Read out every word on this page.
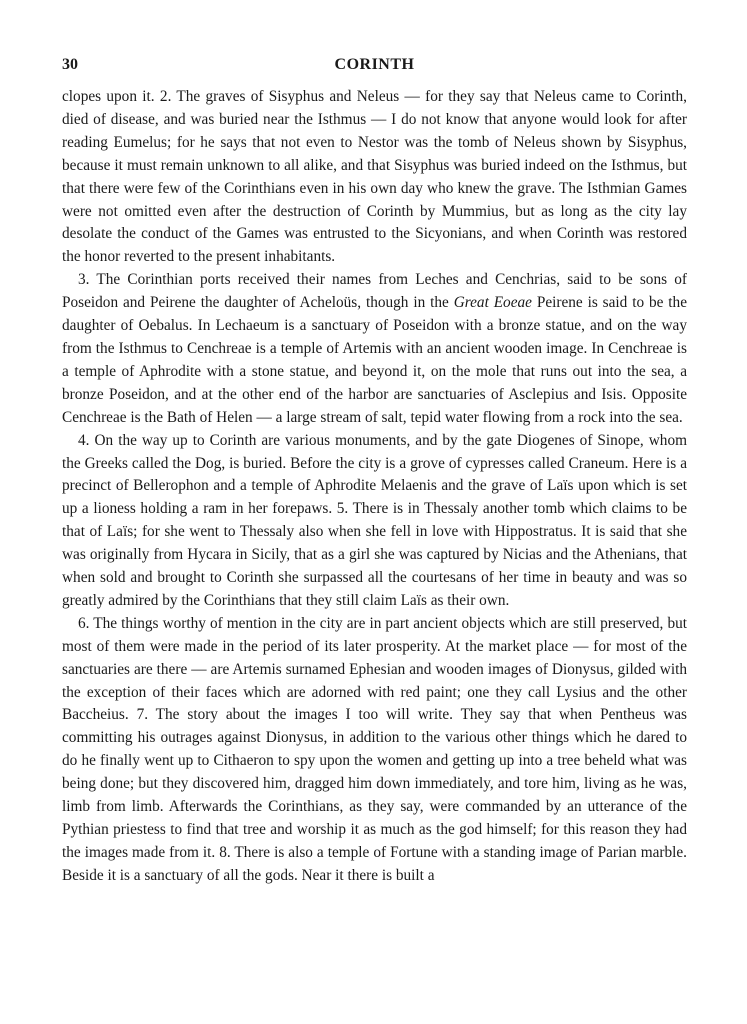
30	CORINTH

clopes upon it. 2. The graves of Sisyphus and Neleus — for they say that Neleus came to Corinth, died of disease, and was buried near the Isthmus — I do not know that anyone would look for after reading Eumelus; for he says that not even to Nestor was the tomb of Neleus shown by Sisyphus, because it must remain unknown to all alike, and that Sisyphus was buried indeed on the Isthmus, but that there were few of the Corinthians even in his own day who knew the grave. The Isthmian Games were not omitted even after the destruction of Corinth by Mummius, but as long as the city lay desolate the conduct of the Games was entrusted to the Sicyonians, and when Corinth was restored the honor reverted to the present inhabitants.

3. The Corinthian ports received their names from Leches and Cenchrias, said to be sons of Poseidon and Peirene the daughter of Acheloüs, though in the Great Eoeae Peirene is said to be the daughter of Oebalus. In Lechaeum is a sanctuary of Poseidon with a bronze statue, and on the way from the Isthmus to Cenchreae is a temple of Artemis with an ancient wooden image. In Cenchreae is a temple of Aphrodite with a stone statue, and beyond it, on the mole that runs out into the sea, a bronze Poseidon, and at the other end of the harbor are sanctuaries of Asclepius and Isis. Opposite Cenchreae is the Bath of Helen — a large stream of salt, tepid water flowing from a rock into the sea.

4. On the way up to Corinth are various monuments, and by the gate Diogenes of Sinope, whom the Greeks called the Dog, is buried. Before the city is a grove of cypresses called Craneum. Here is a precinct of Bellerophon and a temple of Aphrodite Melaenis and the grave of Laïs upon which is set up a lioness holding a ram in her forepaws. 5. There is in Thessaly another tomb which claims to be that of Laïs; for she went to Thessaly also when she fell in love with Hippostratus. It is said that she was originally from Hycara in Sicily, that as a girl she was captured by Nicias and the Athenians, that when sold and brought to Corinth she surpassed all the courtesans of her time in beauty and was so greatly admired by the Corinthians that they still claim Laïs as their own.

6. The things worthy of mention in the city are in part ancient objects which are still preserved, but most of them were made in the period of its later prosperity. At the market place — for most of the sanctuaries are there — are Artemis surnamed Ephesian and wooden images of Dionysus, gilded with the exception of their faces which are adorned with red paint; one they call Lysius and the other Baccheius. 7. The story about the images I too will write. They say that when Pentheus was committing his outrages against Dionysus, in addition to the various other things which he dared to do he finally went up to Cithaeron to spy upon the women and getting up into a tree beheld what was being done; but they discovered him, dragged him down immediately, and tore him, living as he was, limb from limb. Afterwards the Corinthians, as they say, were commanded by an utterance of the Pythian priestess to find that tree and worship it as much as the god himself; for this reason they had the images made from it. 8. There is also a temple of Fortune with a standing image of Parian marble. Beside it is a sanctuary of all the gods. Near it there is built a
